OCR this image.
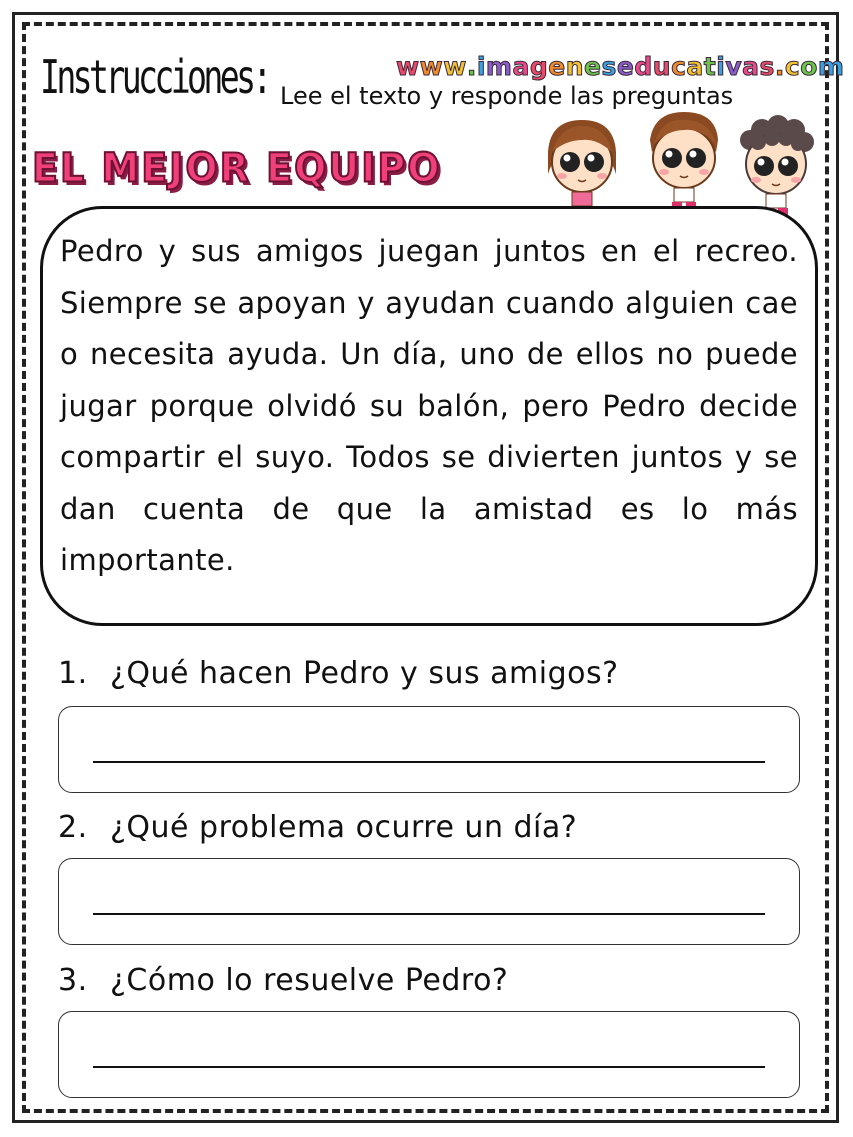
Instrucciones: Lee el texto y responde las preguntas
www.imageneseducativas.com
EL MEJOR EQUIPO
Pedro y sus amigos juegan juntos en el recreo. Siempre se apoyan y ayudan cuando alguien cae o necesita ayuda. Un día, uno de ellos no puede jugar porque olvidó su balón, pero Pedro decide compartir el suyo. Todos se divierten juntos y se dan cuenta de que la amistad es lo más importante.
1. ¿Qué hacen Pedro y sus amigos?
2. ¿Qué problema ocurre un día?
3. ¿Cómo lo resuelve Pedro?
